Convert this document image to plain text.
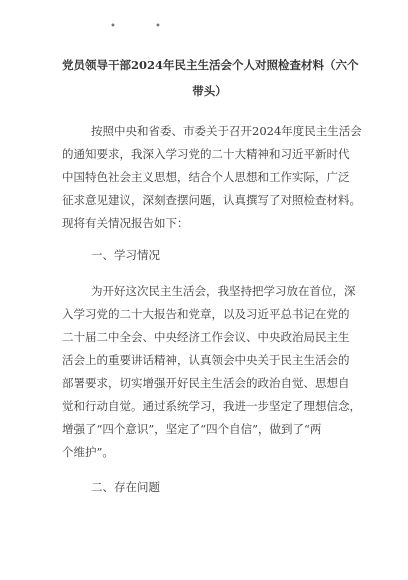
•	•
党员领导干部2024年民主生活会个人对照检查材料（六个
带头）
按照中央和省委、市委关于召开2024年度民主生活会
的通知要求，我深入学习党的二十大精神和习近平新时代
中国特色社会主义思想，结合个人思想和工作实际，广泛
征求意见建议，深刻查摆问题，认真撰写了对照检查材料。
现将有关情况报告如下：
一、学习情况
为开好这次民主生活会，我坚持把学习放在首位，深
入学习党的二十大报告和党章，以及习近平总书记在党的
二十届二中全会、中央经济工作会议、中央政治局民主生
活会上的重要讲话精神，认真领会中央关于民主生活会的
部署要求，切实增强开好民主生活会的政治自觉、思想自
觉和行动自觉。通过系统学习，我进一步坚定了理想信念，
增强了“四个意识”，坚定了“四个自信”，做到了“两
个维护”。
二、存在问题
